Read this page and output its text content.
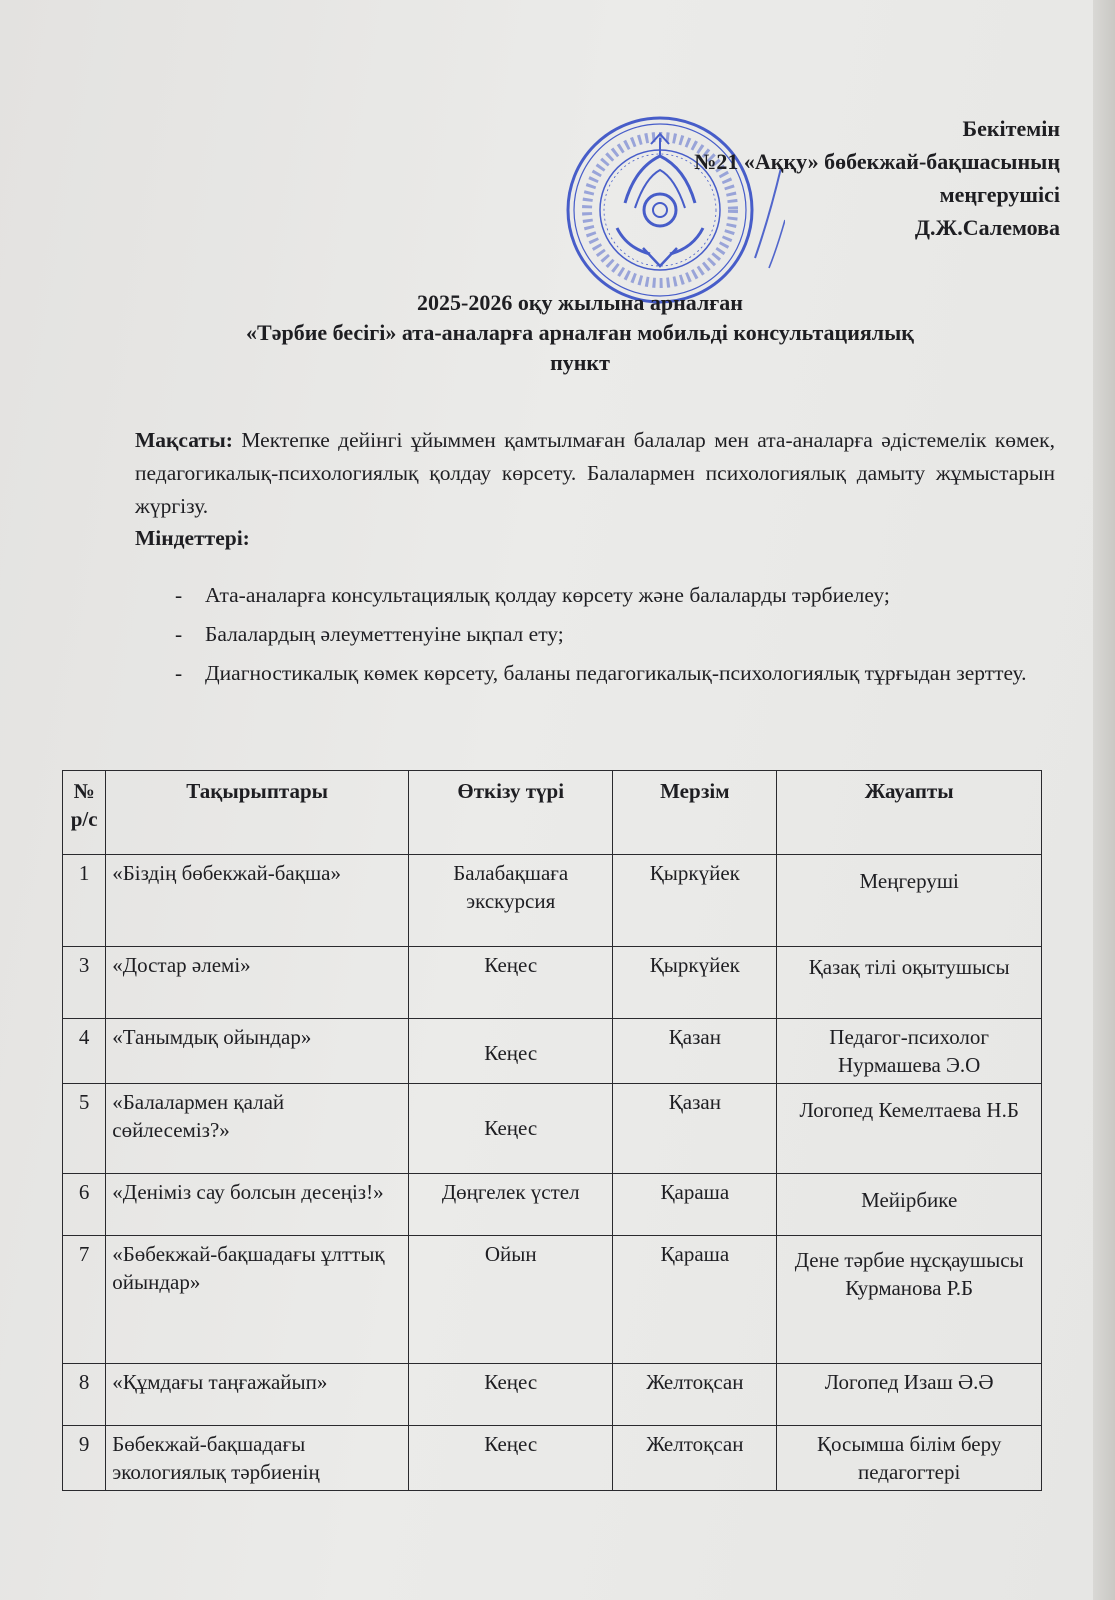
Бекітемін
№21 «Аққу» бөбекжай-бақшасының
меңгерушісі
Д.Ж.Салемова
2025-2026 оқу жылына арналған
«Тәрбие бесігі» ата-аналарға арналған мобильді консультациялық
пункт
Мақсаты: Мектепке дейінгі ұйыммен қамтылмаған балалар мен ата-аналарға әдістемелік көмек, педагогикалық-психологиялық қолдау көрсету. Балалармен психологиялық дамыту жұмыстарын жүргізу.
Міндеттері:
- Ата-аналарға консультациялық қолдау көрсету және балаларды тәрбиелеу;
- Балалардың әлеуметтенуіне ықпал ету;
- Диагностикалық көмек көрсету, баланы педагогикалық-психологиялық тұрғыдан зерттеу.
№ р/с	Тақырыптары	Өткізу түрі	Мерзім	Жауапты
1	«Біздің бөбекжай-бақша»	Балабақшаға экскурсия	Қыркүйек	Меңгеруші
3	«Достар әлемі»	Кеңес	Қыркүйек	Қазақ тілі оқытушысы
4	«Танымдық ойындар»	Кеңес	Қазан	Педагог-психолог Нурмашева Э.О
5	«Балалармен қалай сөйлесеміз?»	Кеңес	Қазан	Логопед Кемелтаева Н.Б
6	«Деніміз сау болсын десеңіз!»	Дөңгелек үстел	Қараша	Мейірбике
7	«Бөбекжай-бақшадағы ұлттық ойындар»	Ойын	Қараша	Дене тәрбие нұсқаушысы Курманова Р.Б
8	«Құмдағы таңғажайып»	Кеңес	Желтоқсан	Логопед Изаш Ә.Ә
9	Бөбекжай-бақшадағы экологиялық тәрбиенің	Кеңес	Желтоқсан	Қосымша білім беру педагогтері
